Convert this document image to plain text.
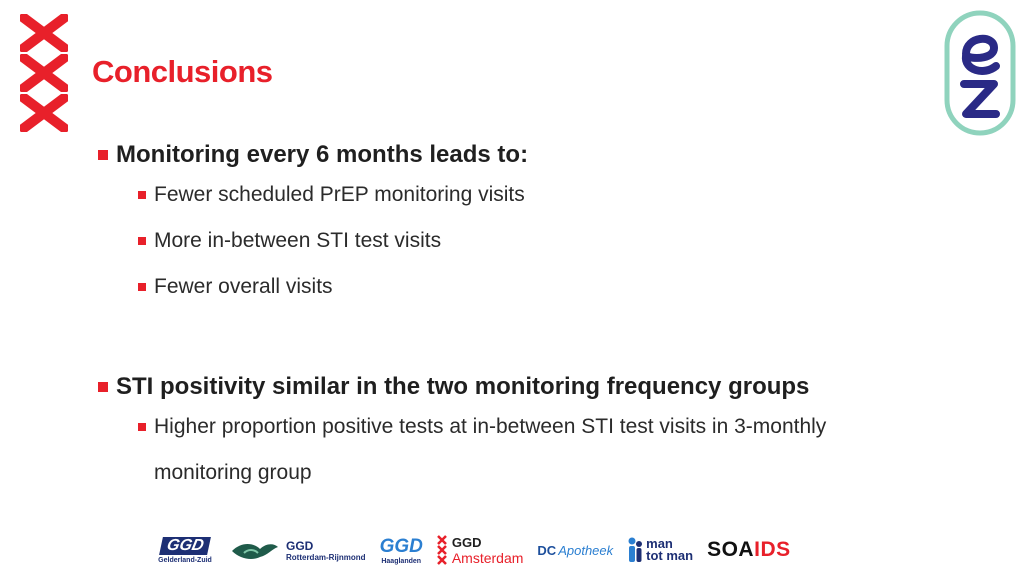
Conclusions
Monitoring every 6 months leads to:
Fewer scheduled PrEP monitoring visits
More in-between STI test visits
Fewer overall visits
STI positivity similar in the two monitoring frequency groups
Higher proportion positive tests at in-between STI test visits in 3-monthly
monitoring group
GGD
Gelderland-Zuid
GGD
Rotterdam-Rijnmond
GGD
Haaglanden
GGD
Amsterdam DC Apotheek	man
tot man SOA IDS
